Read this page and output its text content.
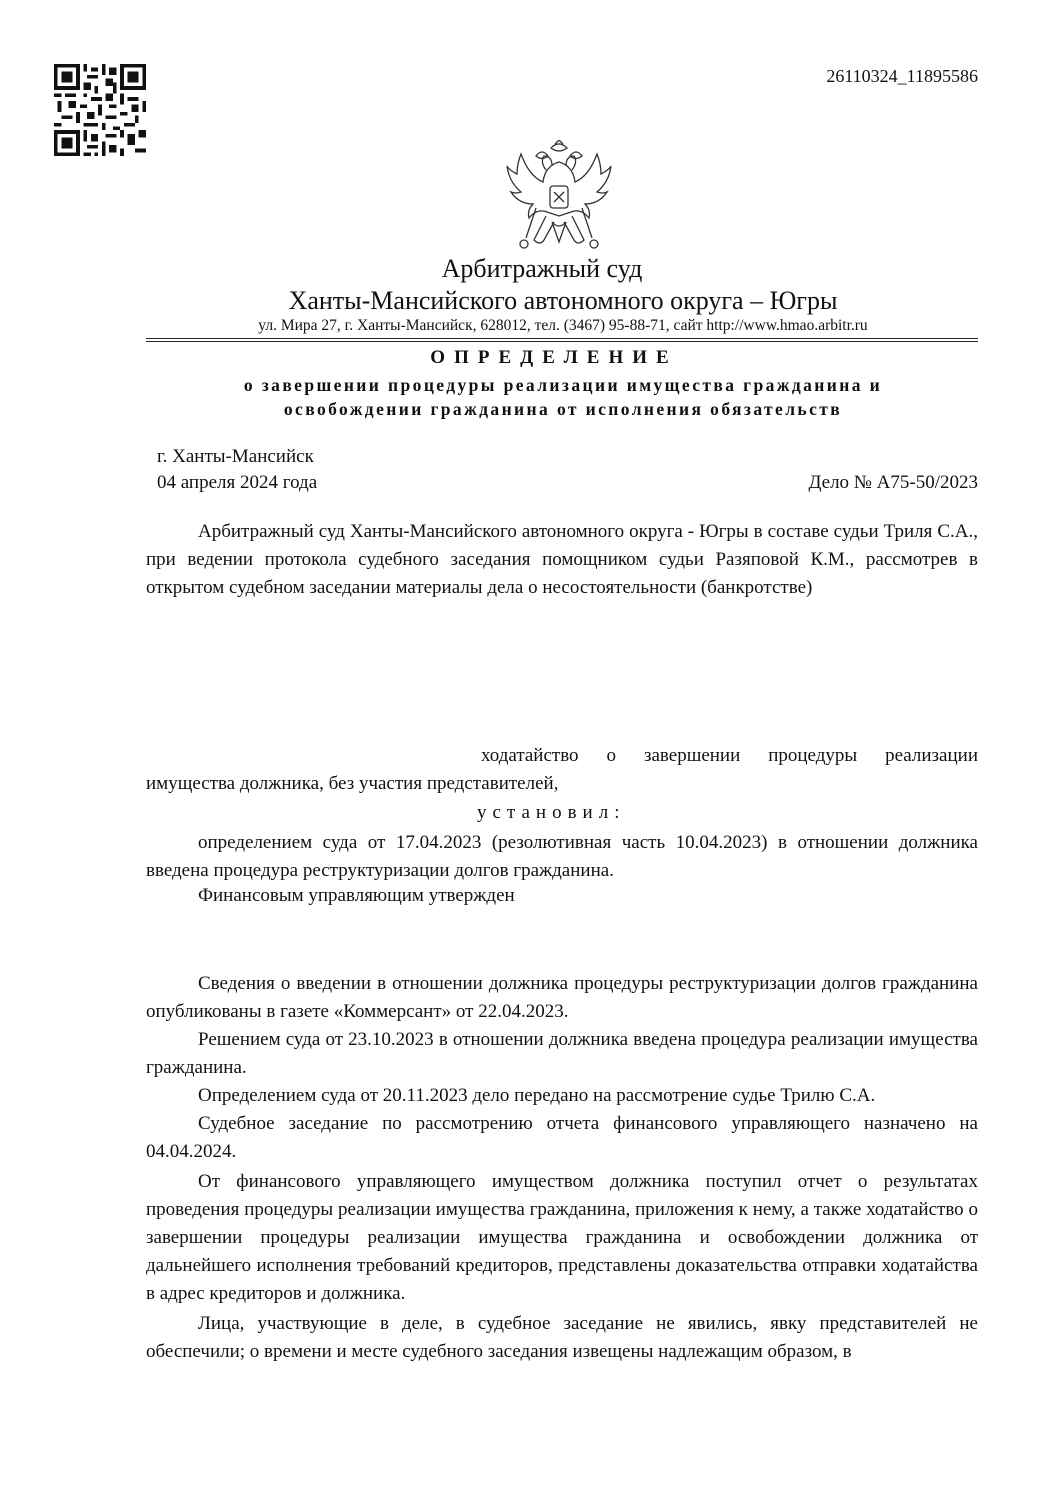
26110324_11895586
Арбитражный суд
Ханты-Мансийского автономного округа – Югры
ул. Мира 27, г. Ханты-Мансийск, 628012, тел. (3467) 95-88-71, сайт http://www.hmao.arbitr.ru
ОПРЕДЕЛЕНИЕ
о завершении процедуры реализации имущества гражданина и
освобождении гражданина от исполнения обязательств
г. Ханты-Мансийск
04 апреля 2024 года	Дело № А75-50/2023
Арбитражный суд Ханты-Мансийского автономного округа - Югры в составе судьи Триля С.А., при ведении протокола судебного заседания помощником судьи Разяповой К.М., рассмотрев в открытом судебном заседании материалы дела о несостоятельности (банкротстве)
ходатайство о завершении процедуры реализации
имущества должника, без участия представителей,
установил:
определением суда от 17.04.2023 (резолютивная часть 10.04.2023) в отношении должника введена процедура реструктуризации долгов гражданина.
Финансовым управляющим утвержден
Сведения о введении в отношении должника процедуры реструктуризации долгов гражданина опубликованы в газете «Коммерсант» от 22.04.2023.
Решением суда от 23.10.2023 в отношении должника введена процедура реализации имущества гражданина.
Определением суда от 20.11.2023 дело передано на рассмотрение судье Трилю С.А.
Судебное заседание по рассмотрению отчета финансового управляющего назначено на 04.04.2024.
От финансового управляющего имуществом должника поступил отчет о результатах проведения процедуры реализации имущества гражданина, приложения к нему, а также ходатайство о завершении процедуры реализации имущества гражданина и освобождении должника от дальнейшего исполнения требований кредиторов, представлены доказательства отправки ходатайства в адрес кредиторов и должника.
Лица, участвующие в деле, в судебное заседание не явились, явку представителей не обеспечили; о времени и месте судебного заседания извещены надлежащим образом, в
